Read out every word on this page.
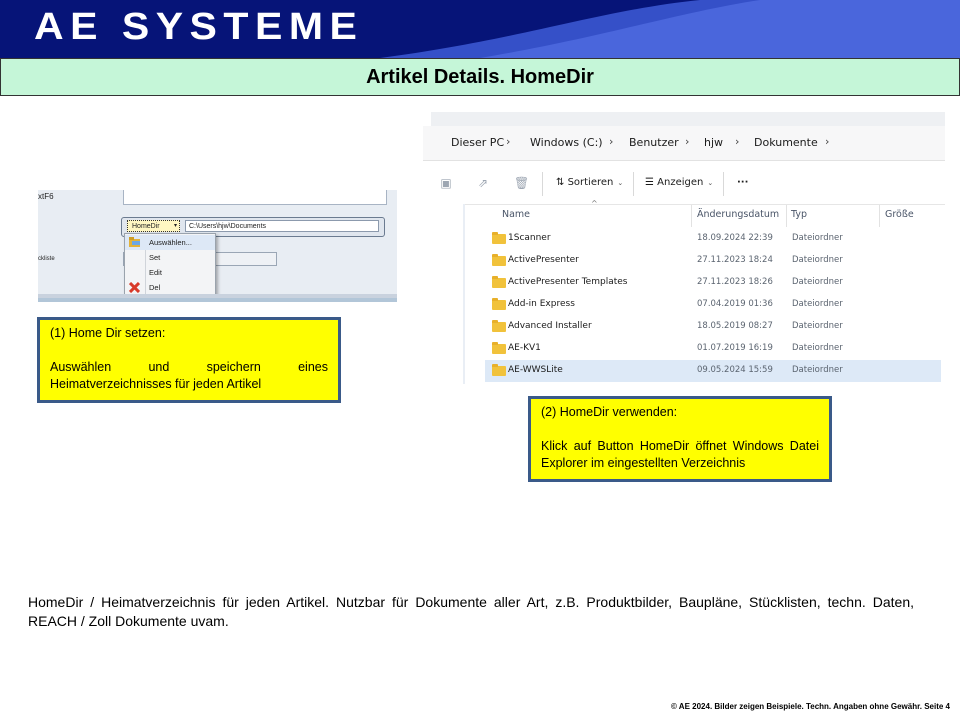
AE SYSTEME
Artikel Details. HomeDir
xtF6
ckliste
HomeDir ▾	C:\Users\hjw\Documents
Auswählen...
Set
Edit
Del
(1) Home Dir setzen:
Auswählen und speichern eines Heimatverzeichnisses für jeden Artikel
Dieser PC › Windows (C:) › Benutzer › hjw › Dokumente ›
▣ ⇗ 🗑	⇅ Sortieren ⌄ ☰ Anzeigen ⌄ ···
^
Name	Änderungsdatum Typ	Größe
1Scanner	18.09.2024 22:39 Dateiordner
ActivePresenter	27.11.2023 18:24 Dateiordner
ActivePresenter Templates	27.11.2023 18:26 Dateiordner
Add-in Express	07.04.2019 01:36 Dateiordner
Advanced Installer	18.05.2019 08:27 Dateiordner
AE-KV1	01.07.2019 16:19 Dateiordner
AE-WWSLite	09.05.2024 15:59 Dateiordner
(2) HomeDir verwenden:
Klick auf Button HomeDir öffnet Windows Datei Explorer im eingestellten Verzeichnis
HomeDir / Heimatverzeichnis für jeden Artikel. Nutzbar für Dokumente aller Art, z.B. Produktbilder, Baupläne, Stücklisten, techn. Daten, REACH / Zoll Dokumente uvam.
© AE 2024. Bilder zeigen Beispiele. Techn. Angaben ohne Gewähr. Seite 4
